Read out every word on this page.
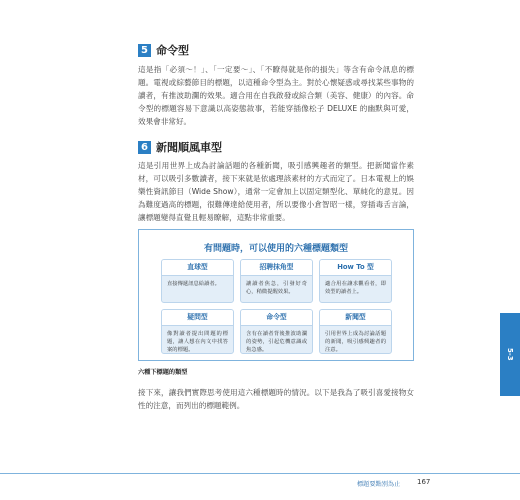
5 命令型
這是指「必須～！」、「一定要～」、「不瞭得就是你的損失」等含有命令訊息的標題。電視或綜藝節目的標題，以這種命令型為主。對於心懷疑惑或尋找某些事物的讀者，有推波助瀾的效果。適合用在自我啟發或綜合類（美容、健康）的內容。命令型的標題容易下意識以高姿態敘事，若能穿插像松子 DELUXE 的幽默與可愛，效果會非常好。
6 新聞順風車型
這是引用世界上成為討論話題的各種新聞，吸引感興趣者的類型。把新聞當作素材，可以吸引多數讀者，接下來就是依處理該素材的方式而定了。日本電視上的娛樂性資訊節目（Wide Show），通常一定會加上以固定類型化、單純化的意見。因為難度過高的標題，很難傳達給使用者，所以要像小倉智昭一樣，穿插毒舌言論，讓標題變得直覺且輕易瞭解，這點非常重要。
有問題時，可以使用的六種標題類型
直球型
直接傳遞訊息給讀者。
招聘抹角型
讓讀者焦急，引發好奇心，稍微提醒效果。
How To 型
適合用在讓求觀看者，即效型的讀者上。
疑問型
像對讀者提出問題的標題，讓人想在內文中找答案的標題。
命令型
含有在讀者背後推波助瀾的姿勢，引起危機意識或焦急感。
新聞型
引用世界上成為討論話題的新聞，吸引感興趣者的注意。
六種下標題的類型
接下來，讓我們實際思考使用這六種標題時的情況。以下是我為了吸引喜愛接物女性的注意，而列出的標題範例。
5-3
標題要點別為止 167
